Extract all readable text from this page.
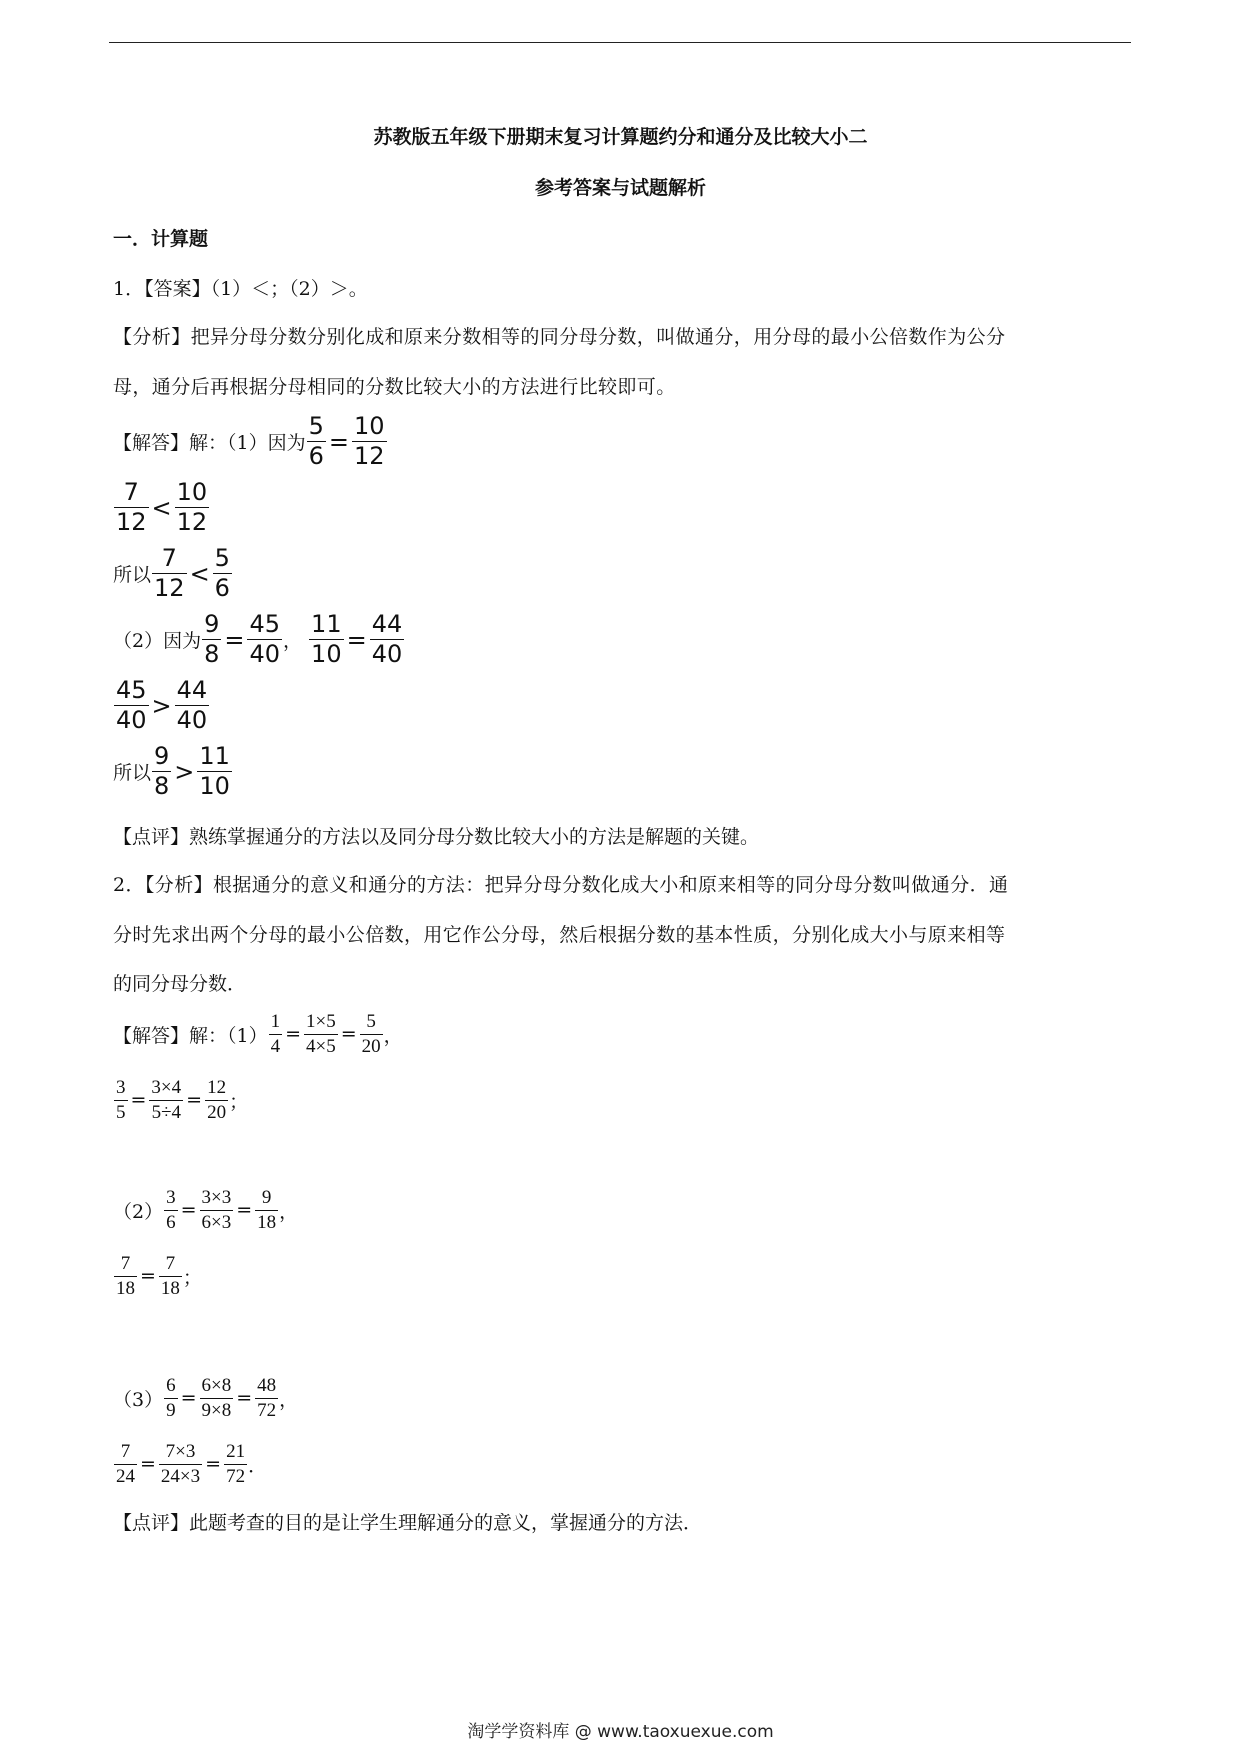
苏教版五年级下册期末复习计算题约分和通分及比较大小二
参考答案与试题解析
一．计算题
1．【答案】（1）＜；（2）＞。
【分析】把异分母分数分别化成和原来分数相等的同分母分数，叫做通分，用分母的最小公倍数作为公分
母，通分后再根据分母相同的分数比较大小的方法进行比较即可。
【解答】解：（1）因为 $\frac{5}{6} = \frac{10}{12}$
$\frac{7}{12} < \frac{10}{12}$
所以 $\frac{7}{12} < \frac{5}{6}$
（2）因为 $\frac{9}{8} = \frac{45}{40}$ ， $\frac{11}{10} = \frac{44}{40}$
$\frac{45}{40} > \frac{44}{40}$
所以 $\frac{9}{8} > \frac{11}{10}$
【点评】熟练掌握通分的方法以及同分母分数比较大小的方法是解题的关键。
2．【分析】根据通分的意义和通分的方法：把异分母分数化成大小和原来相等的同分母分数叫做通分．通
分时先求出两个分母的最小公倍数，用它作公分母，然后根据分数的基本性质，分别化成大小与原来相等
的同分母分数．
【解答】解：$(1) \frac{1}{4} = \frac{1\times 5}{4\times 5} = \frac{5}{20}$ ，
$\frac{3}{5} = \frac{3\times 4}{5\div 4} = \frac{12}{20}$ ；
$(2) \frac{3}{6} = \frac{3\times 3}{6\times 3} = \frac{9}{18}$ ，
$\frac{7}{18} = \frac{7}{18}$ ；
$(3) \frac{6}{9} = \frac{6\times 8}{9\times 8} = \frac{48}{72}$ ，
$\frac{7}{24} = \frac{7\times 3}{24\times 3} = \frac{21}{72}$ ．
【点评】此题考查的目的是让学生理解通分的意义，掌握通分的方法．
淘学学资料库 @ www.taoxuexue.com
